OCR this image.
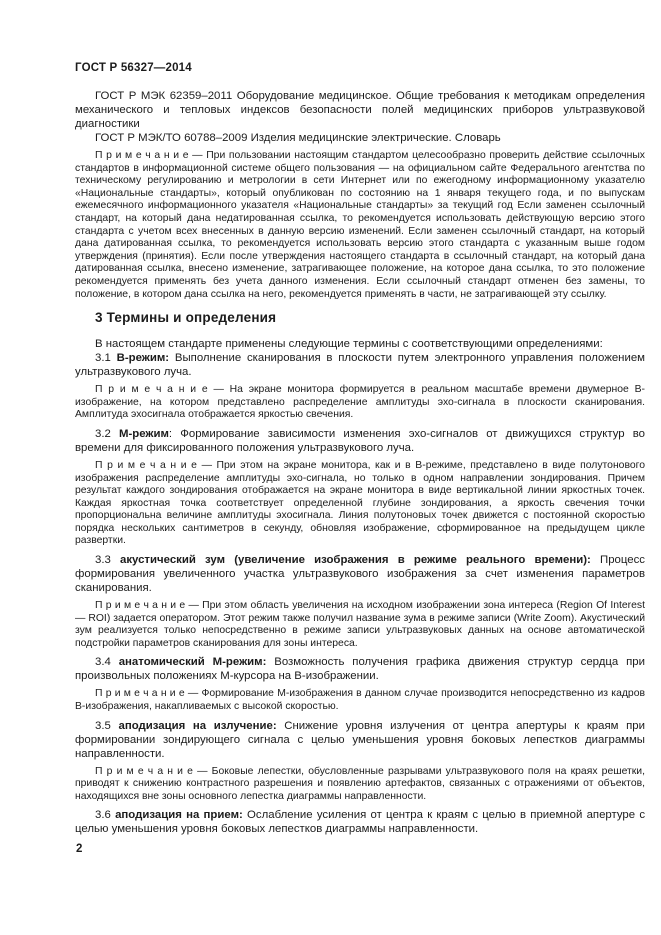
ГОСТ Р 56327—2014

ГОСТ Р МЭК 62359–2011 Оборудование медицинское. Общие требования к методикам определения механического и тепловых индексов безопасности полей медицинских приборов ультразвуковой диагностики

ГОСТ Р МЭК/ТО 60788–2009 Изделия медицинские электрические. Словарь

П р и м е ч а н и е — При пользовании настоящим стандартом целесообразно проверить действие ссылочных стандартов в информационной системе общего пользования — на официальном сайте Федерального агентства по техническому регулированию и метрологии в сети Интернет или по ежегодному информационному указателю «Национальные стандарты», который опубликован по состоянию на 1 января текущего года, и по выпускам ежемесячного информационного указателя «Национальные стандарты» за текущий год Если заменен ссылочный стандарт, на который дана недатированная ссылка, то рекомендуется использовать действующую версию этого стандарта с учетом всех внесенных в данную версию изменений. Если заменен ссылочный стандарт, на который дана датированная ссылка, то рекомендуется использовать версию этого стандарта с указанным выше годом утверждения (принятия). Если после утверждения настоящего стандарта в ссылочный стандарт, на который дана датированная ссылка, внесено изменение, затрагивающее положение, на которое дана ссылка, то это положение рекомендуется применять без учета данного изменения. Если ссылочный стандарт отменен без замены, то положение, в котором дана ссылка на него, рекомендуется применять в части, не затрагивающей эту ссылку.

3 Термины и определения

В настоящем стандарте применены следующие термины с соответствующими определениями:

3.1 В-режим: Выполнение сканирования в плоскости путем электронного управления положением ультразвукового луча.

П р и м е ч а н и е — На экране монитора формируется в реальном масштабе времени двумерное В-изображение, на котором представлено распределение амплитуды эхо-сигнала в плоскости сканирования. Амплитуда эхосигнала отображается яркостью свечения.

3.2 М-режим: Формирование зависимости изменения эхо-сигналов от движущихся структур во времени для фиксированного положения ультразвукового луча.

П р и м е ч а н и е — При этом на экране монитора, как и в В-режиме, представлено в виде полутонового изображения распределение амплитуды эхо-сигнала, но только в одном направлении зондирования. Причем результат каждого зондирования отображается на экране монитора в виде вертикальной линии яркостных точек. Каждая яркостная точка соответствует определенной глубине зондирования, а яркость свечения точки пропорциональна величине амплитуды эхосигнала. Линия полутоновых точек движется с постоянной скоростью порядка нескольких сантиметров в секунду, обновляя изображение, сформированное на предыдущем цикле развертки.

3.3 акустический зум (увеличение изображения в режиме реального времени): Процесс формирования увеличенного участка ультразвукового изображения за счет изменения параметров сканирования.

П р и м е ч а н и е — При этом область увеличения на исходном изображении зона интереса (Region Of Interest — ROI) задается оператором. Этот режим также получил название зума в режиме записи (Write Zoom). Акустический зум реализуется только непосредственно в режиме записи ультразвуковых данных на основе автоматической подстройки параметров сканирования для зоны интереса.

3.4 анатомический М-режим: Возможность получения графика движения структур сердца при произвольных положениях М-курсора на В-изображении.

П р и м е ч а н и е — Формирование М-изображения в данном случае производится непосредственно из кадров В-изображения, накапливаемых с высокой скоростью.

3.5 аподизация на излучение: Снижение уровня излучения от центра апертуры к краям при формировании зондирующего сигнала с целью уменьшения уровня боковых лепестков диаграммы направленности.

П р и м е ч а н и е — Боковые лепестки, обусловленные разрывами ультразвукового поля на краях решетки, приводят к снижению контрастного разрешения и появлению артефактов, связанных с отражениями от объектов, находящихся вне зоны основного лепестка диаграммы направленности.

3.6 аподизация на прием: Ослабление усиления от центра к краям с целью в приемной апертуре с целью уменьшения уровня боковых лепестков диаграммы направленности.

2
